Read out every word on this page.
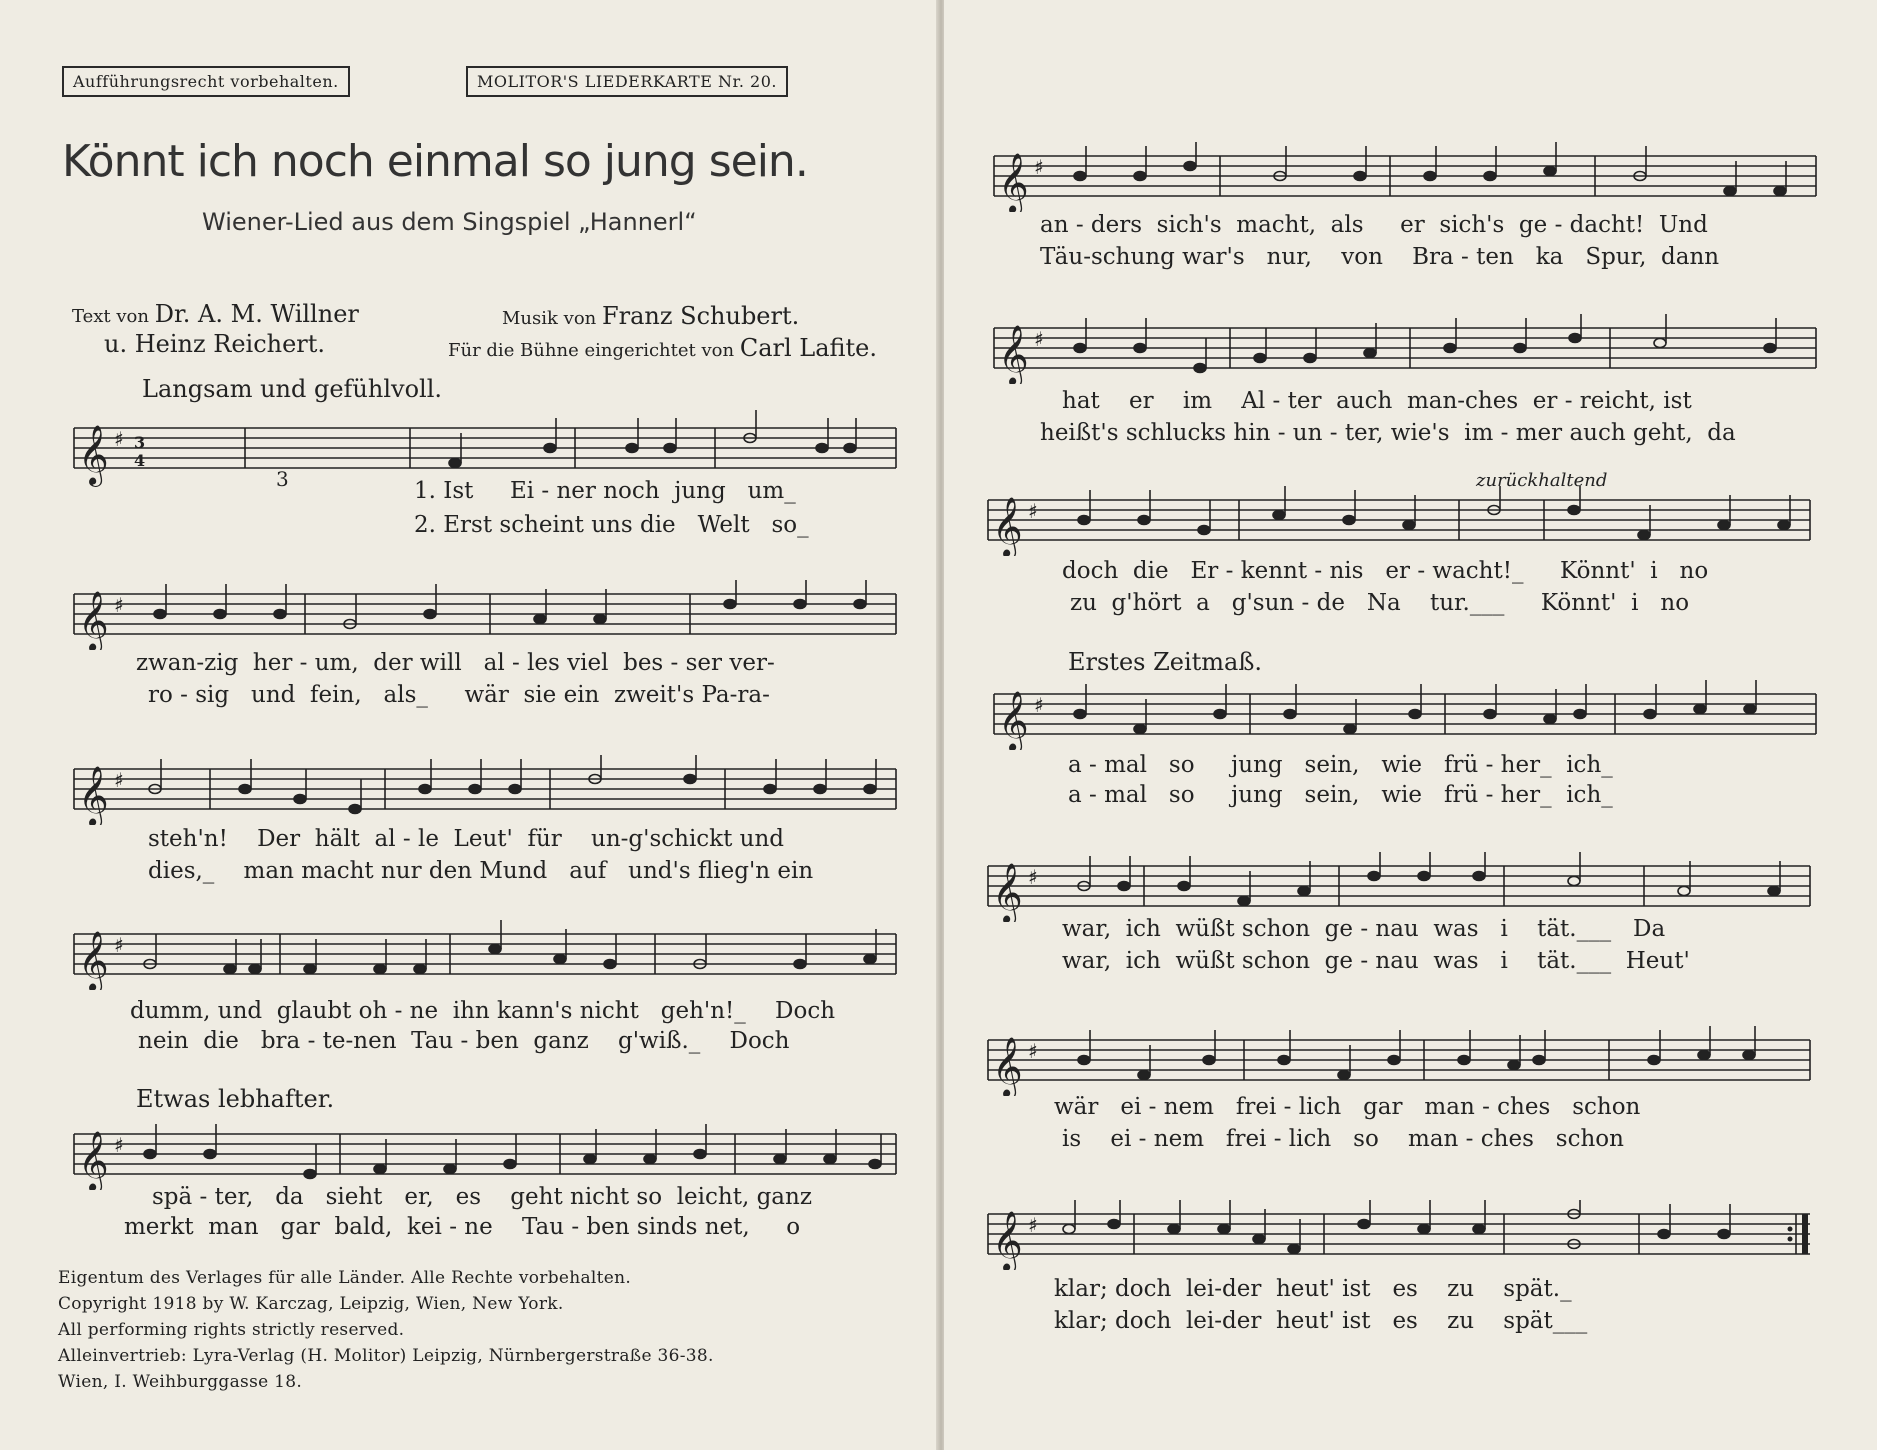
Aufführungsrecht vorbehalten.	MOLITOR'S LIEDERKARTE Nr. 20.
Könnt ich noch einmal so jung sein.
Wiener-Lied aus dem Singspiel „Hannerl“
Text von Dr. A. M. Willner
u. Heinz Reichert.
Musik von Franz Schubert.
Für die Bühne eingerichtet von Carl Lafite.
Langsam und gefühlvoll.
𝄞 ♯ 3
4
3	1. Ist     Ei - ner noch  jung   um_
2. Erst scheint uns die   Welt   so_
𝄞 ♯
zwan-zig  her - um,  der will   al - les viel  bes - ser ver-
ro - sig   und  fein,   als_     wär  sie ein  zweit's Pa-ra-
𝄞 ♯
steh'n!    Der  hält  al - le  Leut'  für    un-g'schickt und
dies,_    man macht nur den Mund   auf   und's flieg'n ein
𝄞 ♯
dumm, und  glaubt oh - ne  ihn kann's nicht   geh'n!_    Doch
nein  die   bra - te-nen  Tau - ben  ganz    g'wiß._    Doch
Etwas lebhafter.
𝄞 ♯
spä - ter,   da   sieht   er,   es    geht nicht so  leicht, ganz
merkt  man   gar  bald,  kei - ne    Tau - ben sinds net,     o
Eigentum des Verlages für alle Länder. Alle Rechte vorbehalten.
Copyright 1918 by W. Karczag, Leipzig, Wien, New York.
All performing rights strictly reserved.
Alleinvertrieb: Lyra-Verlag (H. Molitor) Leipzig, Nürnbergerstraße 36-38.
Wien, I. Weihburggasse 18.
𝄞 ♯
an - ders  sich's  macht,  als     er  sich's  ge - dacht!  Und
Täu-schung war's   nur,    von    Bra - ten   ka   Spur,  dann
𝄞 ♯
hat    er    im    Al - ter  auch  man-ches  er - reicht, ist
heißt's schlucks hin - un - ter, wie's  im - mer auch geht,  da
zurückhaltend
𝄞 ♯
doch  die   Er - kennt - nis   er - wacht!_     Könnt'  i   no
zu  g'hört  a   g'sun - de   Na    tur.___     Könnt'  i   no
Erstes Zeitmaß.
𝄞 ♯
a - mal   so     jung   sein,   wie   frü - her_  ich_
a - mal   so     jung   sein,   wie   frü - her_  ich_
𝄞 ♯
war,  ich  wüßt schon  ge - nau  was   i    tät.___   Da
war,  ich  wüßt schon  ge - nau  was   i    tät.___  Heut'
𝄞 ♯
wär   ei - nem   frei - lich   gar   man - ches   schon
is    ei - nem   frei - lich   so    man - ches   schon
𝄞 ♯
klar; doch  lei-der  heut' ist   es    zu    spät._
klar; doch  lei-der  heut' ist   es    zu    spät___
